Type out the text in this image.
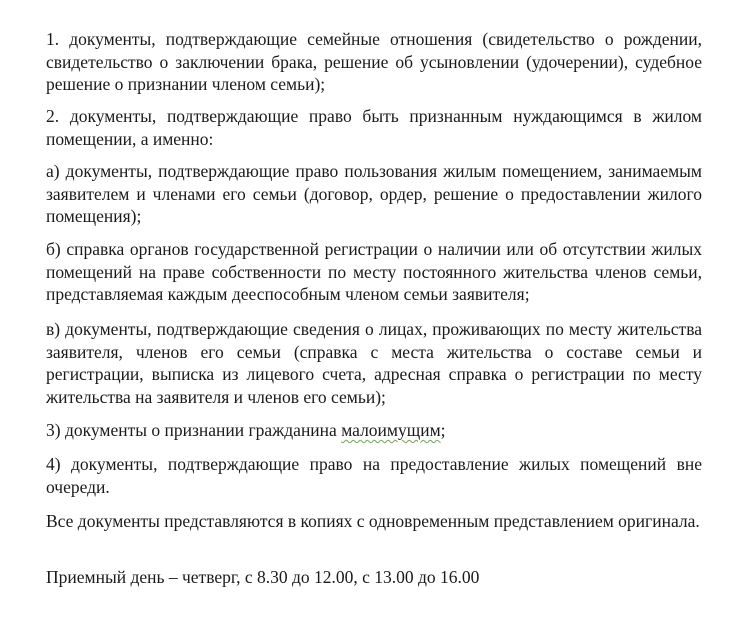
1. документы, подтверждающие семейные отношения (свидетельство о рождении, свидетельство о заключении брака, решение об усыновлении (удочерении), судебное решение о признании членом семьи);

2. документы, подтверждающие право быть признанным нуждающимся в жилом помещении, а именно:

а) документы, подтверждающие право пользования жилым помещением, занимаемым заявителем и членами его семьи (договор, ордер, решение о предоставлении жилого помещения);

б) справка органов государственной регистрации о наличии или об отсутствии жилых помещений на праве собственности по месту постоянного жительства членов семьи, представляемая каждым дееспособным членом семьи заявителя;

в) документы, подтверждающие сведения о лицах, проживающих по месту жительства заявителя, членов его семьи (справка с места жительства о составе семьи и регистрации, выписка из лицевого счета, адресная справка о регистрации по месту жительства на заявителя и членов его семьи);

3) документы о признании гражданина малоимущим;

4) документы, подтверждающие право на предоставление жилых помещений вне очереди.

Все документы представляются в копиях с одновременным представлением оригинала.

Приемный день – четверг, с 8.30 до 12.00, с 13.00 до 16.00
